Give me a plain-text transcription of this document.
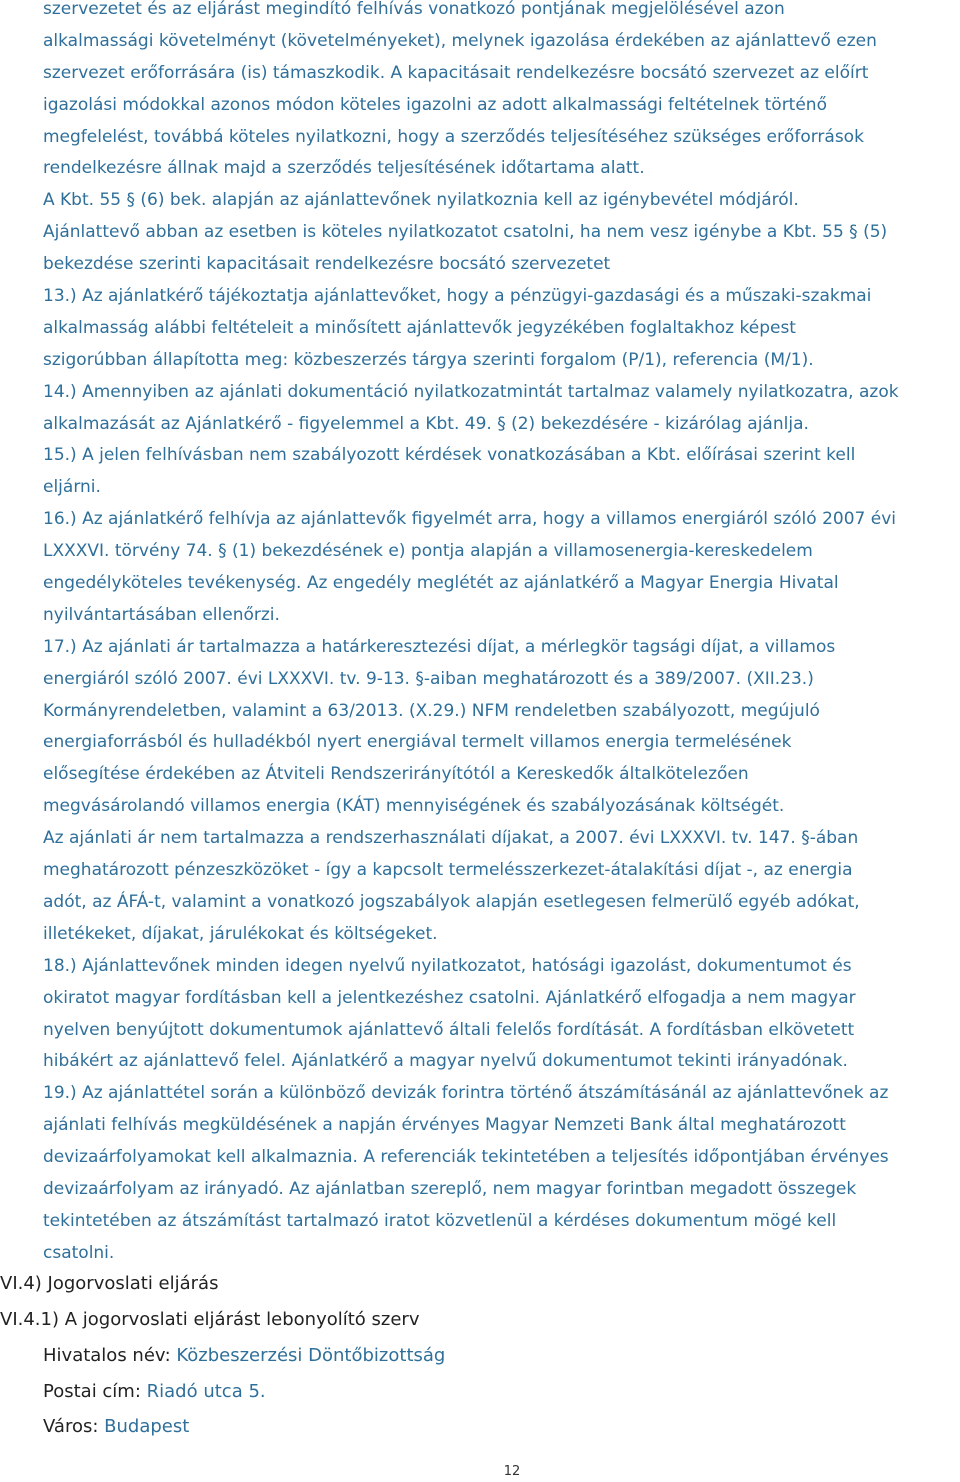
szervezetet és az eljárást megindító felhívás vonatkozó pontjának megjelölésével azon
alkalmassági követelményt (követelményeket), melynek igazolása érdekében az ajánlattevő ezen
szervezet erőforrására (is) támaszkodik. A kapacitásait rendelkezésre bocsátó szervezet az előírt
igazolási módokkal azonos módon köteles igazolni az adott alkalmassági feltételnek történő
megfelelést, továbbá köteles nyilatkozni, hogy a szerződés teljesítéséhez szükséges erőforrások
rendelkezésre állnak majd a szerződés teljesítésének időtartama alatt.
A Kbt. 55 § (6) bek. alapján az ajánlattevőnek nyilatkoznia kell az igénybevétel módjáról.
Ajánlattevő abban az esetben is köteles nyilatkozatot csatolni, ha nem vesz igénybe a Kbt. 55 § (5)
bekezdése szerinti kapacitásait rendelkezésre bocsátó szervezetet
13.) Az ajánlatkérő tájékoztatja ajánlattevőket, hogy a pénzügyi-gazdasági és a műszaki-szakmai
alkalmasság alábbi feltételeit a minősített ajánlattevők jegyzékében foglaltakhoz képest
szigorúbban állapította meg: közbeszerzés tárgya szerinti forgalom (P/1), referencia (M/1).
14.) Amennyiben az ajánlati dokumentáció nyilatkozatmintát tartalmaz valamely nyilatkozatra, azok
alkalmazását az Ajánlatkérő - figyelemmel a Kbt. 49. § (2) bekezdésére - kizárólag ajánlja.
15.) A jelen felhívásban nem szabályozott kérdések vonatkozásában a Kbt. előírásai szerint kell
eljárni.
16.) Az ajánlatkérő felhívja az ajánlattevők figyelmét arra, hogy a villamos energiáról szóló 2007 évi
LXXXVI. törvény 74. § (1) bekezdésének e) pontja alapján a villamosenergia-kereskedelem
engedélyköteles tevékenység. Az engedély meglétét az ajánlatkérő a Magyar Energia Hivatal
nyilvántartásában ellenőrzi.
17.) Az ajánlati ár tartalmazza a határkeresztezési díjat, a mérlegkör tagsági díjat, a villamos
energiáról szóló 2007. évi LXXXVI. tv. 9-13. §-aiban meghatározott és a 389/2007. (XII.23.)
Kormányrendeletben, valamint a 63/2013. (X.29.) NFM rendeletben szabályozott, megújuló
energiaforrásból és hulladékból nyert energiával termelt villamos energia termelésének
elősegítése érdekében az Átviteli Rendszerirányítótól a Kereskedők általkötelezően
megvásárolandó villamos energia (KÁT) mennyiségének és szabályozásának költségét.
Az ajánlati ár nem tartalmazza a rendszerhasználati díjakat, a 2007. évi LXXXVI. tv. 147. §-ában
meghatározott pénzeszközöket - így a kapcsolt termelésszerkezet-átalakítási díjat -, az energia
adót, az ÁFÁ-t, valamint a vonatkozó jogszabályok alapján esetlegesen felmerülő egyéb adókat,
illetékeket, díjakat, járulékokat és költségeket.
18.) Ajánlattevőnek minden idegen nyelvű nyilatkozatot, hatósági igazolást, dokumentumot és
okiratot magyar fordításban kell a jelentkezéshez csatolni. Ajánlatkérő elfogadja a nem magyar
nyelven benyújtott dokumentumok ajánlattevő általi felelős fordítását. A fordításban elkövetett
hibákért az ajánlattevő felel. Ajánlatkérő a magyar nyelvű dokumentumot tekinti irányadónak.
19.) Az ajánlattétel során a különböző devizák forintra történő átszámításánál az ajánlattevőnek az
ajánlati felhívás megküldésének a napján érvényes Magyar Nemzeti Bank által meghatározott
devizaárfolyamokat kell alkalmaznia. A referenciák tekintetében a teljesítés időpontjában érvényes
devizaárfolyam az irányadó. Az ajánlatban szereplő, nem magyar forintban megadott összegek
tekintetében az átszámítást tartalmazó iratot közvetlenül a kérdéses dokumentum mögé kell
csatolni.
VI.4) Jogorvoslati eljárás
VI.4.1) A jogorvoslati eljárást lebonyolító szerv
Hivatalos név: Közbeszerzési Döntőbizottság
Postai cím: Riadó utca 5.
Város: Budapest
12
